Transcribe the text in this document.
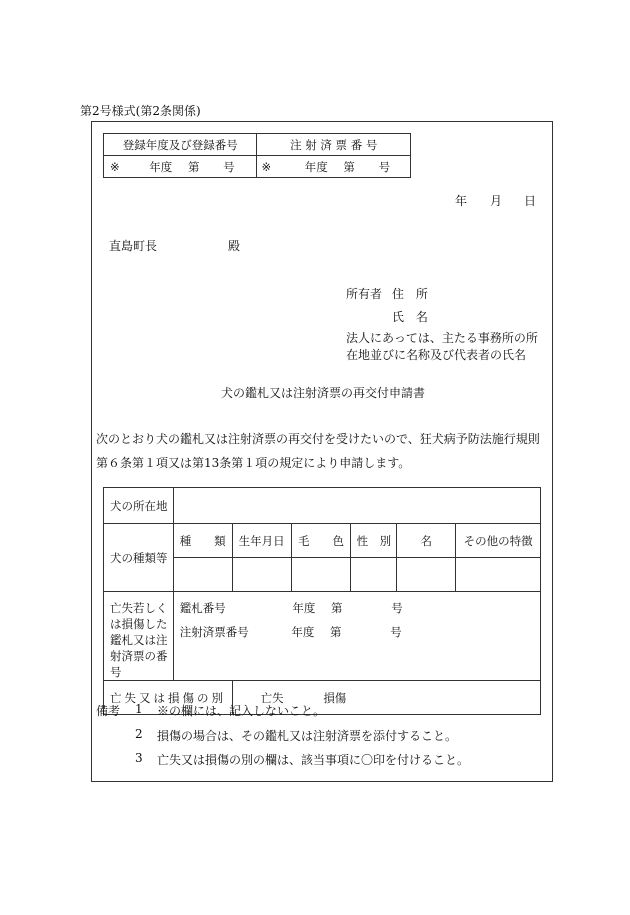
第2号様式(第2条関係)
登録年度及び登録番号	注 射 済 票 番 号
※ 年度 第 号	※ 年度 第 号
年 月 日
直島町長	殿
所有者 住 所
氏 名
法人にあっては、主たる事務所の所
在地並びに名称及び代表者の氏名
犬の鑑札又は注射済票の再交付申請書
次のとおり犬の鑑札又は注射済票の再交付を受けたいので、狂犬病予防法施行規則
第６条第１項又は第13条第１項の規定により申請します。
犬の所在地						
犬の種類等	種　　類	生年月日	毛　　色	性　別	名	その他の特徴

亡失若しくは損傷した鑑札又は注射済票の番号	鑑札番号 年度 第 号
注射済票番号 年度 第 号					

亡失又は損傷の別		亡失 損傷				
備考 1 ※の欄には、記入しないこと。
2 損傷の場合は、その鑑札又は注射済票を添付すること。
3 亡失又は損傷の別の欄は、該当事項に〇印を付けること。
